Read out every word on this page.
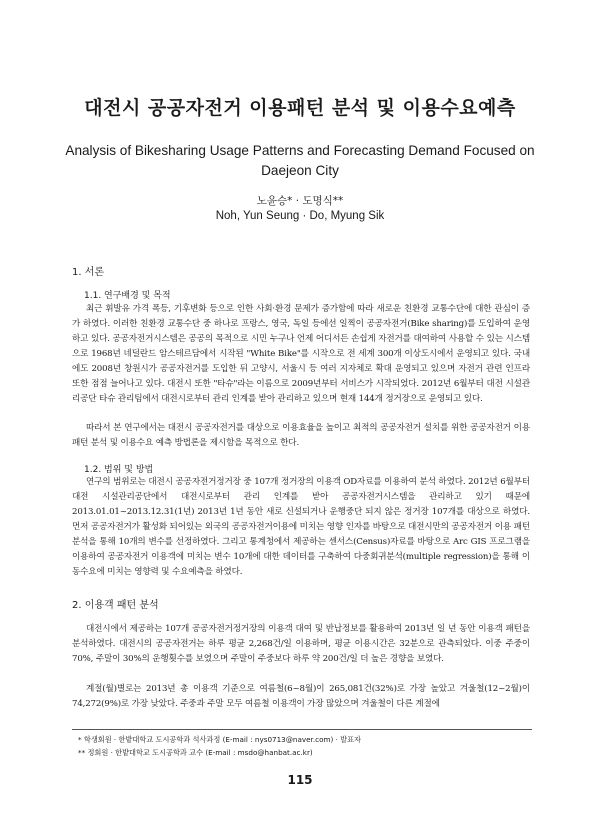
대전시 공공자전거 이용패턴 분석 및 이용수요예측
Analysis of Bikesharing Usage Patterns and Forecasting Demand Focused on
Daejeon City
노윤승* · 도명식**
Noh, Yun Seung · Do, Myung Sik
1. 서론
1.1. 연구배경 및 목적

최근 휘발유 가격 폭등, 기후변화 등으로 인한 사회·환경 문제가 증가함에 따라 새로운 친환경 교통수단에 대한 관심이 증가 하였다. 이러한 친환경 교통수단 중 하나로 프랑스, 영국, 독일 등에선 일찍이 공공자전거(Bike sharing)를 도입하여 운영하고 있다. 공공자전거시스템은 공공의 목적으로 시민 누구나 언제 어디서든 손쉽게 자전거를 대여하여 사용할 수 있는 시스템으로 1968년 네덜란드 암스테르담에서 시작된 "White Bike"를 시작으로 전 세계 300개 이상도시에서 운영되고 있다. 국내에도 2008년 창원시가 공공자전거를 도입한 뒤 고양시, 서울시 등 여러 지자체로 확대 운영되고 있으며 자전거 관련 인프라 또한 점점 늘어나고 있다. 대전시 또한 "타슈"라는 이름으로 2009년부터 서비스가 시작되었다. 2012년 6월부터 대전 시설관리공단 타슈 관리팀에서 대전시로부터 관리 인계를 받아 관리하고 있으며 현재 144개 정거장으로 운영되고 있다.

따라서 본 연구에서는 대전시 공공자전거를 대상으로 이용효율을 높이고 최적의 공공자전거 설치를 위한 공공자전거 이용 패턴 분석 및 이용수요 예측 방법론을 제시함을 목적으로 한다.

1.2. 범위 및 방법

연구의 범위로는 대전시 공공자전거정거장 중 107개 정거장의 이용객 OD자료를 이용하여 분석 하였다. 2012년 6월부터 대전 시설관리공단에서 대전시로부터 관리 인계를 받아 공공자전거시스템을 관리하고 있기 때문에 2013.01.01~2013.12.31(1년) 2013년 1년 동안 새로 신설되거나 운행중단 되지 않은 정거장 107개를 대상으로 하였다. 먼저 공공자전거가 활성화 되어있는 외국의 공공자전거이용에 미치는 영향 인자를 바탕으로 대전시만의 공공자전거 이용 패턴 분석을 통해 10개의 변수를 선정하였다. 그리고 통계청에서 제공하는 센서스(Census)자료를 바탕으로 Arc GIS 프로그램을 이용하여 공공자전거 이용객에 미치는 변수 10개에 대한 데이터를 구축하여 다중회귀분석(multiple regression)을 통해 이동수요에 미치는 영향력 및 수요예측을 하였다.

2. 이용객 패턴 분석

대전시에서 제공하는 107개 공공자전거정거장의 이용객 대여 및 반납정보를 활용하여 2013년 일 년 동안 이용객 패턴을 분석하였다. 대전시의 공공자전거는 하루 평균 2,268건/일 이용하며, 평균 이용시간은 32분으로 관측되었다. 이중 주중이 70%, 주말이 30%의 운행횟수를 보였으며 주말이 주중보다 하루 약 200건/일 더 높은 경향을 보였다.

계절(월)별로는 2013년 총 이용객 기준으로 여름철(6~8월)이 265,081건(32%)로 가장 높았고 겨울철(12~2월)이 74,272(9%)로 가장 낮았다. 주중과 주말 모두 여름철 이용객이 가장 많았으며 겨울철이 다른 계절에

* 학생회원 · 한밭대학교 도시공학과 석사과정 (E-mail : nys0713@naver.com) · 발표자

** 정회원 · 한밭대학교 도시공학과 교수 (E-mail : msdo@hanbat.ac.kr)

115
